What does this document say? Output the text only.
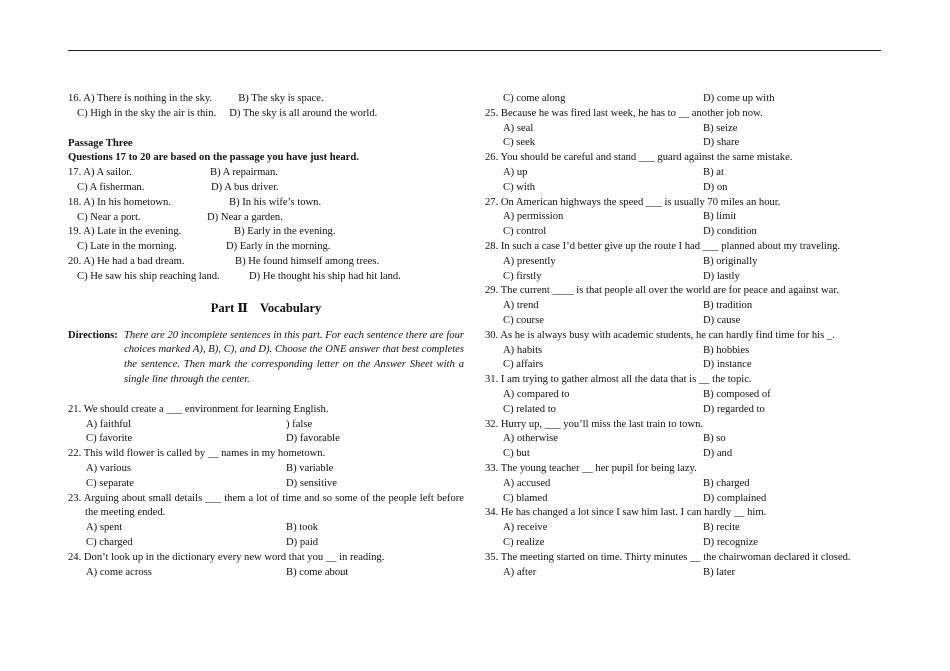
16. A) There is nothing in the sky. B) The sky is space.
C) High in the sky the air is thin. D) The sky is all around the world.
Passage Three
Questions 17 to 20 are based on the passage you have just heard.
17. A) A sailor.	B) A repairman.
C) A fisherman.	D) A bus driver.
18. A) In his hometown.	B) In his wife’s town.
C) Near a port.	D) Near a garden.
19. A) Late in the evening.	B) Early in the evening.
C) Late in the morning.	D) Early in the morning.
20. A) He had a bad dream.	B) He found himself among trees.
C) He saw his ship reaching land.	D) He thought his ship had hit land.
Part Ⅱ Vocabulary
Directions: There are 20 incomplete sentences in this part. For each sentence there are four choices marked A), B), C), and D). Choose the ONE answer that best completes the sentence. Then mark the corresponding letter on the Answer Sheet with a single line through the center.
21. We should create a ___ environment for learning English.
A) faithful	) false
C) favorite	D) favorable
22. This wild flower is called by __ names in my hometown.
A) various	B) variable
C) separate	D) sensitive
23. Arguing about small details ___ them a lot of time and so some of the people left before the meeting ended.
A) spent	B) took
C) charged	D) paid
24. Don’t look up in the dictionary every new word that you __ in reading.
A) come across	B) come about
C) come along	D) come up with
25. Because he was fired last week, he has to __ another job now.
A) seal	B) seize
C) seek	D) share
26. You should be careful and stand ___ guard against the same mistake.
A) up	B) at
C) with	D) on
27. On American highways the speed ___ is usually 70 miles an hour.
A) permission	B) limit
C) control	D) condition
28. In such a case I’d better give up the route I had ___ planned about my traveling.
A) presently	B) originally
C) firstly	D) lastly
29. The current ____ is that people all over the world are for peace and against war.
A) trend	B) tradition
C) course	D) cause
30. As he is always busy with academic students, he can hardly find time for his _.
A) habits	B) hobbies
C) affairs	D) instance
31. I am trying to gather almost all the data that is __ the topic.
A) compared to	B) composed of
C) related to	D) regarded to
32. Hurry up, ___ you’ll miss the last train to town.
A) otherwise	B) so
C) but	D) and
33. The young teacher __ her pupil for being lazy.
A) accused	B) charged
C) blamed	D) complained
34. He has changed a lot since I saw him last. I can hardly __ him.
A) receive	B) recite
C) realize	D) recognize
35. The meeting started on time. Thirty minutes __ the chairwoman declared it closed.
A) after	B) later
